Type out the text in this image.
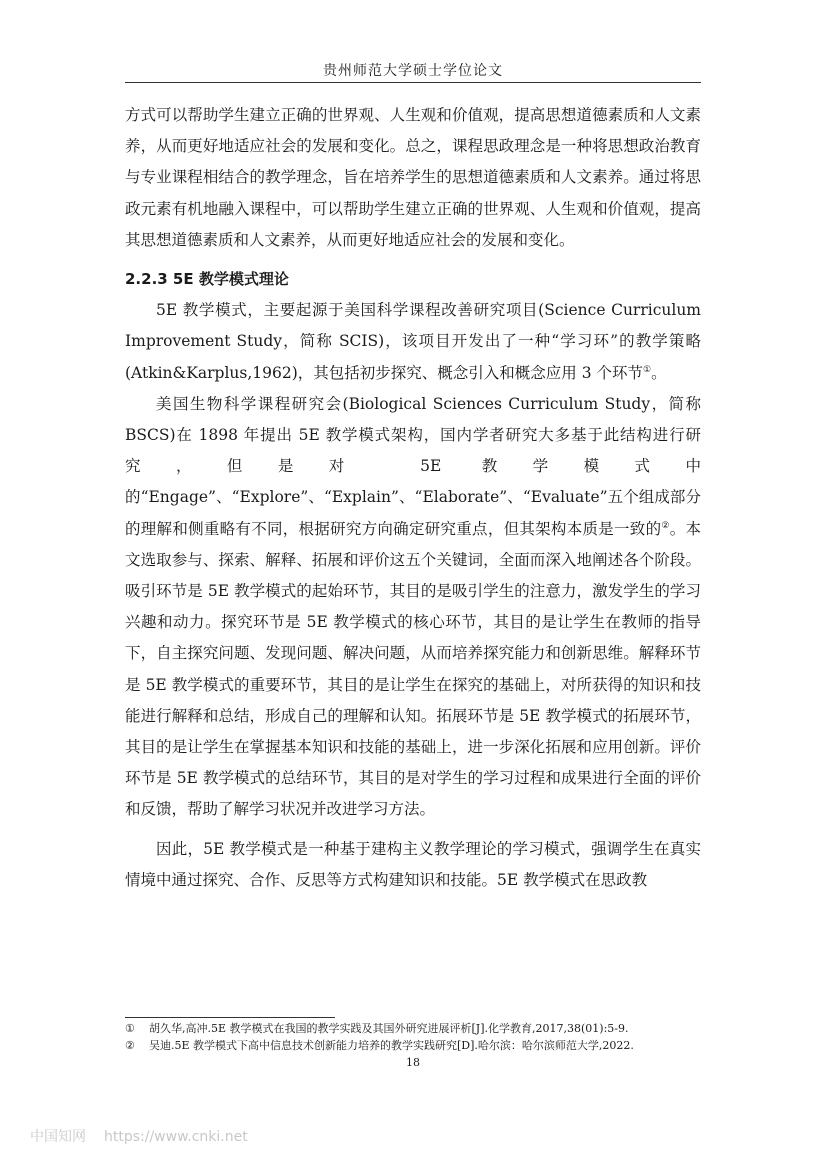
贵州师范大学硕士学位论文

方式可以帮助学生建立正确的世界观、人生观和价值观，提高思想道德素质和人文素养，从而更好地适应社会的发展和变化。总之，课程思政理念是一种将思想政治教育与专业课程相结合的教学理念，旨在培养学生的思想道德素质和人文素养。通过将思政元素有机地融入课程中，可以帮助学生建立正确的世界观、人生观和价值观，提高其思想道德素质和人文素养，从而更好地适应社会的发展和变化。

2.2.3 5E 教学模式理论

5E 教学模式，主要起源于美国科学课程改善研究项目(Science Curriculum Improvement Study，简称 SCIS)，该项目开发出了一种“学习环”的教学策略(Atkin&Karplus,1962)，其包括初步探究、概念引入和概念应用 3 个环节①。

美国生物科学课程研究会(Biological Sciences Curriculum Study，简称 BSCS)在 1898 年提出 5E 教学模式架构，国内学者研究大多基于此结构进行研究，但是对 5E 教学模式中的“Engage”、“Explore”、“Explain”、“Elaborate”、“Evaluate”五个组成部分的理解和侧重略有不同，根据研究方向确定研究重点，但其架构本质是一致的②。本文选取参与、探索、解释、拓展和评价这五个关键词，全面而深入地阐述各个阶段。吸引环节是 5E 教学模式的起始环节，其目的是吸引学生的注意力，激发学生的学习兴趣和动力。探究环节是 5E 教学模式的核心环节，其目的是让学生在教师的指导下，自主探究问题、发现问题、解决问题，从而培养探究能力和创新思维。解释环节是 5E 教学模式的重要环节，其目的是让学生在探究的基础上，对所获得的知识和技能进行解释和总结，形成自己的理解和认知。拓展环节是 5E 教学模式的拓展环节，其目的是让学生在掌握基本知识和技能的基础上，进一步深化拓展和应用创新。评价环节是 5E 教学模式的总结环节，其目的是对学生的学习过程和成果进行全面的评价和反馈，帮助了解学习状况并改进学习方法。

因此，5E 教学模式是一种基于建构主义教学理论的学习模式，强调学生在真实情境中通过探究、合作、反思等方式构建知识和技能。5E 教学模式在思政教

①	胡久华,高冲.5E 教学模式在我国的教学实践及其国外研究进展评析[J].化学教育,2017,38(01):5-9.
②	吴迪.5E 教学模式下高中信息技术创新能力培养的教学实践研究[D].哈尔滨：哈尔滨师范大学,2022.
18
中国知网 https://www.cnki.net
